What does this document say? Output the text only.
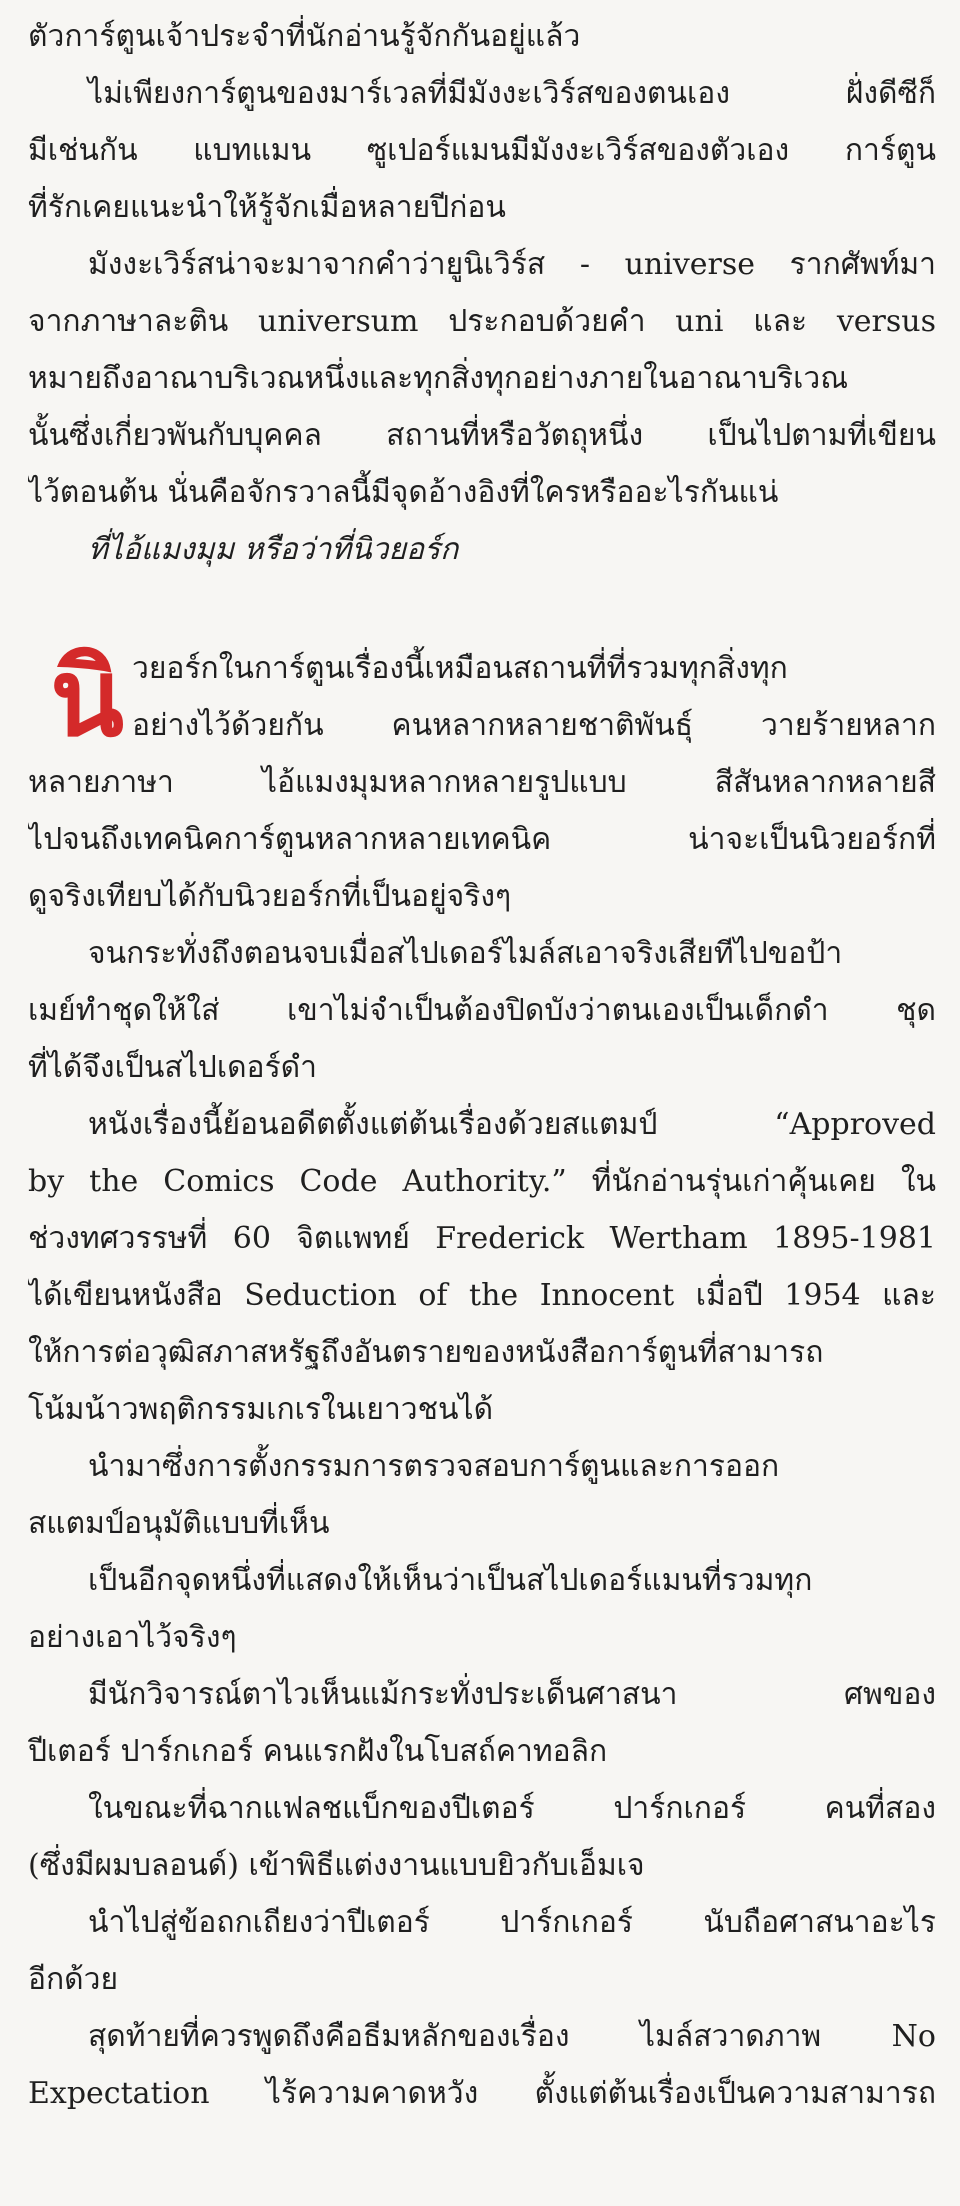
ตัวการ์ตูนเจ้าประจำที่นักอ่านรู้จักกันอยู่แล้ว
ไม่เพียงการ์ตูนของมาร์เวลที่มีมังงะเวิร์สของตนเอง ฝั่งดีซีก็
มีเช่นกัน แบทแมน ซูเปอร์แมนมีมังงะเวิร์สของตัวเอง การ์ตูน
ที่รักเคยแนะนำให้รู้จักเมื่อหลายปีก่อน
มังงะเวิร์สน่าจะมาจากคำว่ายูนิเวิร์ส - universe รากศัพท์มา
จากภาษาละติน universum ประกอบด้วยคำ uni และ versus
หมายถึงอาณาบริเวณหนึ่งและทุกสิ่งทุกอย่างภายในอาณาบริเวณ
นั้นซึ่งเกี่ยวพันกับบุคคล สถานที่หรือวัตถุหนึ่ง เป็นไปตามที่เขียน
ไว้ตอนต้น นั่นคือจักรวาลนี้มีจุดอ้างอิงที่ใครหรืออะไรกันแน่
ที่ไอ้แมงมุม หรือว่าที่นิวยอร์ก
นิ วยอร์กในการ์ตูนเรื่องนี้เหมือนสถานที่ที่รวมทุกสิ่งทุก
อย่างไว้ด้วยกัน คนหลากหลายชาติพันธุ์ วายร้ายหลาก
หลายภาษา ไอ้แมงมุมหลากหลายรูปแบบ สีสันหลากหลายสี
ไปจนถึงเทคนิคการ์ตูนหลากหลายเทคนิค น่าจะเป็นนิวยอร์กที่
ดูจริงเทียบได้กับนิวยอร์กที่เป็นอยู่จริงๆ
จนกระทั่งถึงตอนจบเมื่อสไปเดอร์ไมล์สเอาจริงเสียทีไปขอป้า
เมย์ทำชุดให้ใส่ เขาไม่จำเป็นต้องปิดบังว่าตนเองเป็นเด็กดำ ชุด
ที่ได้จึงเป็นสไปเดอร์ดำ
หนังเรื่องนี้ย้อนอดีตตั้งแต่ต้นเรื่องด้วยสแตมป์ “Approved
by the Comics Code Authority.” ที่นักอ่านรุ่นเก่าคุ้นเคย ใน
ช่วงทศวรรษที่ 60 จิตแพทย์ Frederick Wertham 1895-1981
ได้เขียนหนังสือ Seduction of the Innocent เมื่อปี 1954 และ
ให้การต่อวุฒิสภาสหรัฐถึงอันตรายของหนังสือการ์ตูนที่สามารถ
โน้มน้าวพฤติกรรมเกเรในเยาวชนได้
นำมาซึ่งการตั้งกรรมการตรวจสอบการ์ตูนและการออก
สแตมป์อนุมัติแบบที่เห็น
เป็นอีกจุดหนึ่งที่แสดงให้เห็นว่าเป็นสไปเดอร์แมนที่รวมทุก
อย่างเอาไว้จริงๆ
มีนักวิจารณ์ตาไวเห็นแม้กระทั่งประเด็นศาสนา ศพของ
ปีเตอร์ ปาร์กเกอร์ คนแรกฝังในโบสถ์คาทอลิก
ในขณะที่ฉากแฟลชแบ็กของปีเตอร์ ปาร์กเกอร์ คนที่สอง
(ซึ่งมีผมบลอนด์) เข้าพิธีแต่งงานแบบยิวกับเอ็มเจ
นำไปสู่ข้อถกเถียงว่าปีเตอร์ ปาร์กเกอร์ นับถือศาสนาอะไร
อีกด้วย
สุดท้ายที่ควรพูดถึงคือธีมหลักของเรื่อง ไมล์สวาดภาพ No
Expectation ไร้ความคาดหวัง ตั้งแต่ต้นเรื่องเป็นความสามารถ
